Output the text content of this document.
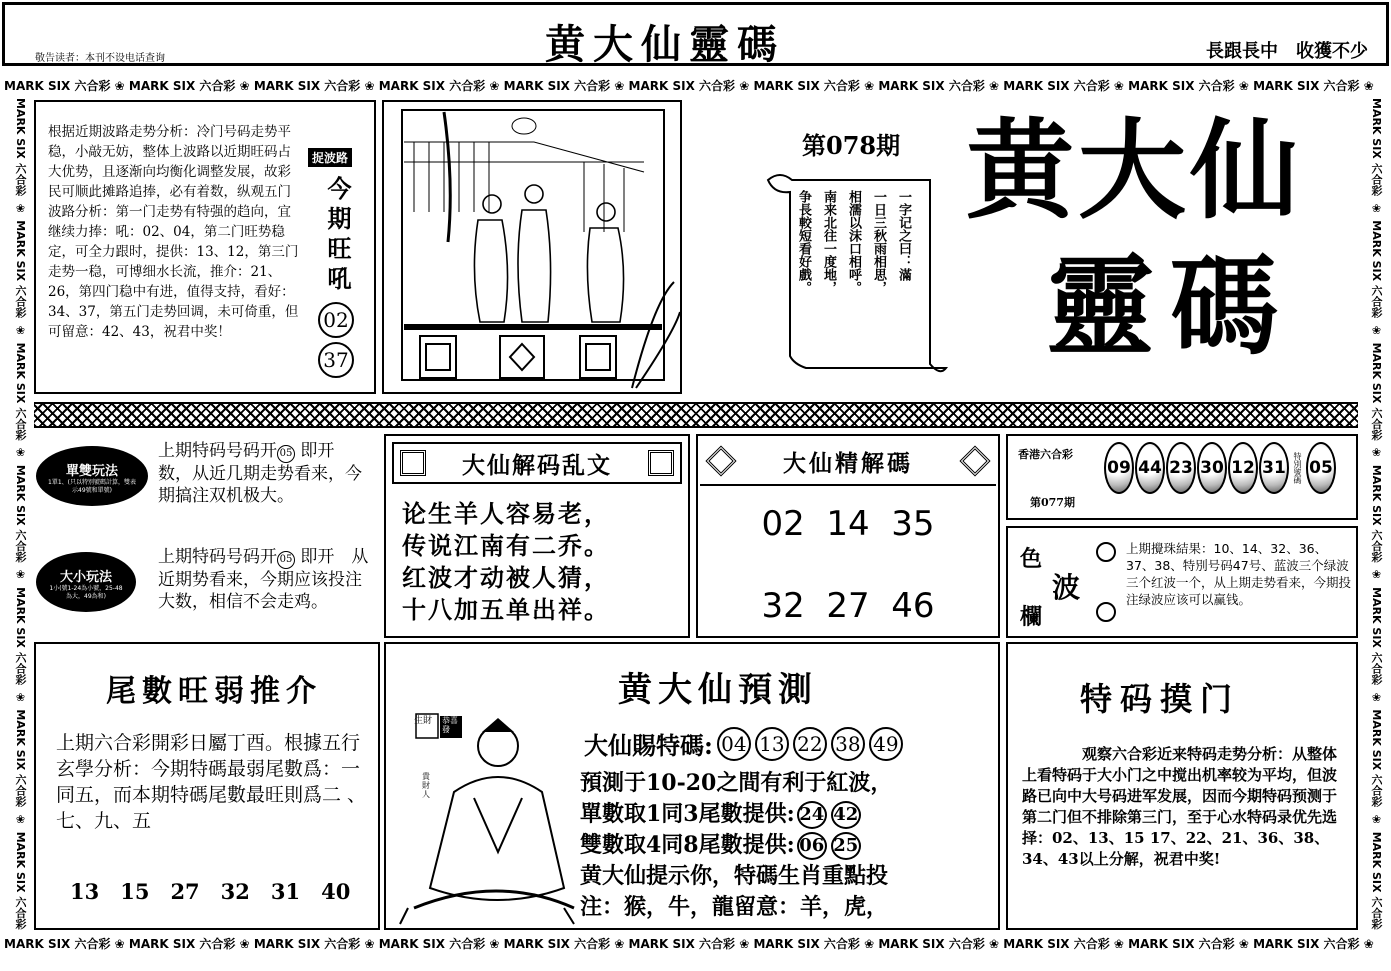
敬告读者：本刊不设电话查询	黄大仙靈碼	長跟長中　收獲不少
MARK SIX 六合彩 ❀ MARK SIX 六合彩 ❀ MARK SIX 六合彩 ❀ MARK SIX 六合彩 ❀ MARK SIX 六合彩 ❀ MARK SIX 六合彩 ❀ MARK SIX 六合彩 ❀ MARK SIX 六合彩 ❀ MARK SIX 六合彩 ❀ MARK SIX 六合彩 ❀ MARK SIX 六合彩 ❀
MARK SIX 六合彩 ❀ MARK SIX 六合彩 ❀ MARK SIX 六合彩 ❀ MARK SIX 六合彩 ❀ MARK SIX 六合彩 ❀ MARK SIX 六合彩 ❀ MARK SIX 六合彩 ❀ MARK SIX 六合彩 ❀ MARK SIX 六合彩 ❀ MARK SIX 六合彩 ❀ MARK SIX 六合彩 ❀
MARK SIX 六合彩 ❀ MARK SIX 六合彩 ❀ MARK SIX 六合彩 ❀ MARK SIX 六合彩 ❀ MARK SIX 六合彩 ❀ MARK SIX 六合彩 ❀ MARK SIX 六合彩
MARK SIX 六合彩 ❀ MARK SIX 六合彩 ❀ MARK SIX 六合彩 ❀ MARK SIX 六合彩 ❀ MARK SIX 六合彩 ❀ MARK SIX 六合彩 ❀ MARK SIX 六合彩
根据近期波路走势分析：冷门号码走势平稳，小敲无妨，整体上波路以近期旺码占大优势，且逐渐向均衡化调整发展，故彩民可顺此摊路追捧，必有着数，纵观五门波路分析：第一门走势有特强的趋向，宜继续力捧：吼：02、04，第二门旺势稳定，可全力跟时，提供：13、12，第三门走势一稳，可博细水长流，推介：21、26，第四门稳中有进，值得支持，看好：34、37，第五门走势回调，未可倚重，但可留意：42、43，祝君中奖！
捉波路
今期旺吼
02
37
第078期
一字记之曰：滿
一日三秋雨相思，
相濡以沫口相呼。
南来北往一度地，
争長較短看好戲。
黄大仙
靈碼
單雙玩法
1單1、(只以特別號碼計算，雙表示49號和單號)
上期特码号码开 05 即开　数，从近几期走势看来，今期搞注双机极大。
大小玩法
1小(號1-24為小號，25-48為大，49為和)
上期特码号码开 05 即开　从近期势看来，今期应该投注大数，相信不会走鸡。
大仙解码乱文
论生羊人容易老，
传说江南有二乔。
红波才动被人猜，
十八加五单出祥。
大仙精解碼
02  14  35
32  27  46
香港六合彩
第077期
09 44 23 30 12 31 特別號碼 05
色
波
欄
上期攪珠結果：10、14、32、36、37、38、特別号码47号、蓝波三个绿波三个红波一个，从上期走势看来，今期投注绿波应该可以赢钱。
尾數旺弱推介
上期六合彩開彩日屬丁酉。根據五行玄學分析：今期特碼最弱尾數爲：一同五，而本期特碼尾數最旺則爲二 、七、九、五
13　15　27　32　31　40
黄大仙預測
生財 恭喜發
貴財人
大仙賜特碼: 04 13 22 38 49
預測于10-20之間有利于紅波，
單數取1同3尾數提供: 24 42
雙數取4同8尾數提供: 06 25
黄大仙提示你，特碼生肖重點投
注：猴，牛，龍留意：羊，虎，
特码摸门
观察六合彩近来特码走势分析：从整体上看特码于大小门之中搅出机率较为平均，但波路已向中大号码进军发展，因而今期特码预测于第二门但不排除第三门，至于心水特码录优先选择：02、13、15 17、22、21、36、38、34、43以上分解，祝君中奖!
